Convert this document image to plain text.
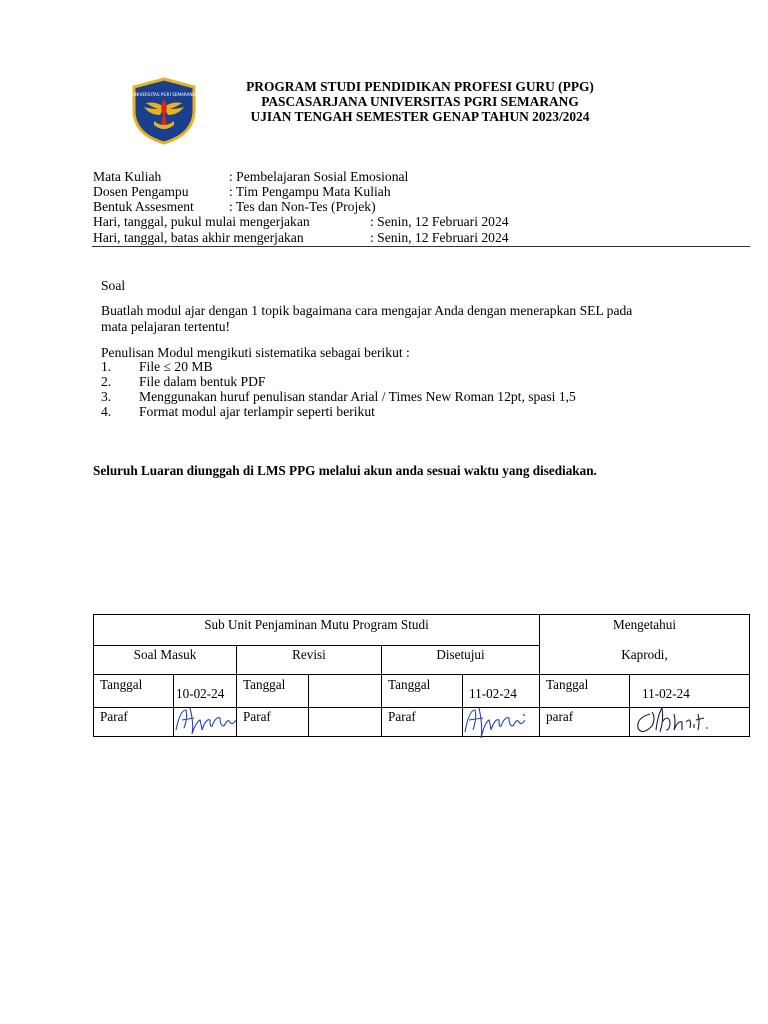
UNIVERSITAS PGRI SEMARANG
PROGRAM STUDI PENDIDIKAN PROFESI GURU (PPG)
PASCASARJANA UNIVERSITAS PGRI SEMARANG
UJIAN TENGAH SEMESTER GENAP TAHUN 2023/2024
Mata Kuliah	: Pembelajaran Sosial Emosional
Dosen Pengampu	: Tim Pengampu Mata Kuliah
Bentuk Assesment	: Tes dan Non-Tes (Projek)
Hari, tanggal, pukul mulai mengerjakan	: Senin, 12 Februari 2024
Hari, tanggal, batas akhir mengerjakan	: Senin, 12 Februari 2024
Soal
Buatlah modul ajar dengan 1 topik bagaimana cara mengajar Anda dengan menerapkan SEL pada
mata pelajaran tertentu!
Penulisan Modul mengikuti sistematika sebagai berikut :
1. File ≤ 20 MB
2. File dalam bentuk PDF
3. Menggunakan huruf penulisan standar Arial / Times New Roman 12pt, spasi 1,5
4. Format modul ajar terlampir seperti berikut
Seluruh Luaran diunggah di LMS PPG melalui akun anda sesuai waktu yang disediakan.
Sub Unit Penjaminan Mutu Program Studi						Mengetahui
Kaprodi,	

Soal Masuk		Revisi		Disetujui			
Tanggal	10-02-24	Tanggal		Tanggal	11-02-24	Tanggal	11-02-24
Paraf		Paraf		Paraf		paraf	
